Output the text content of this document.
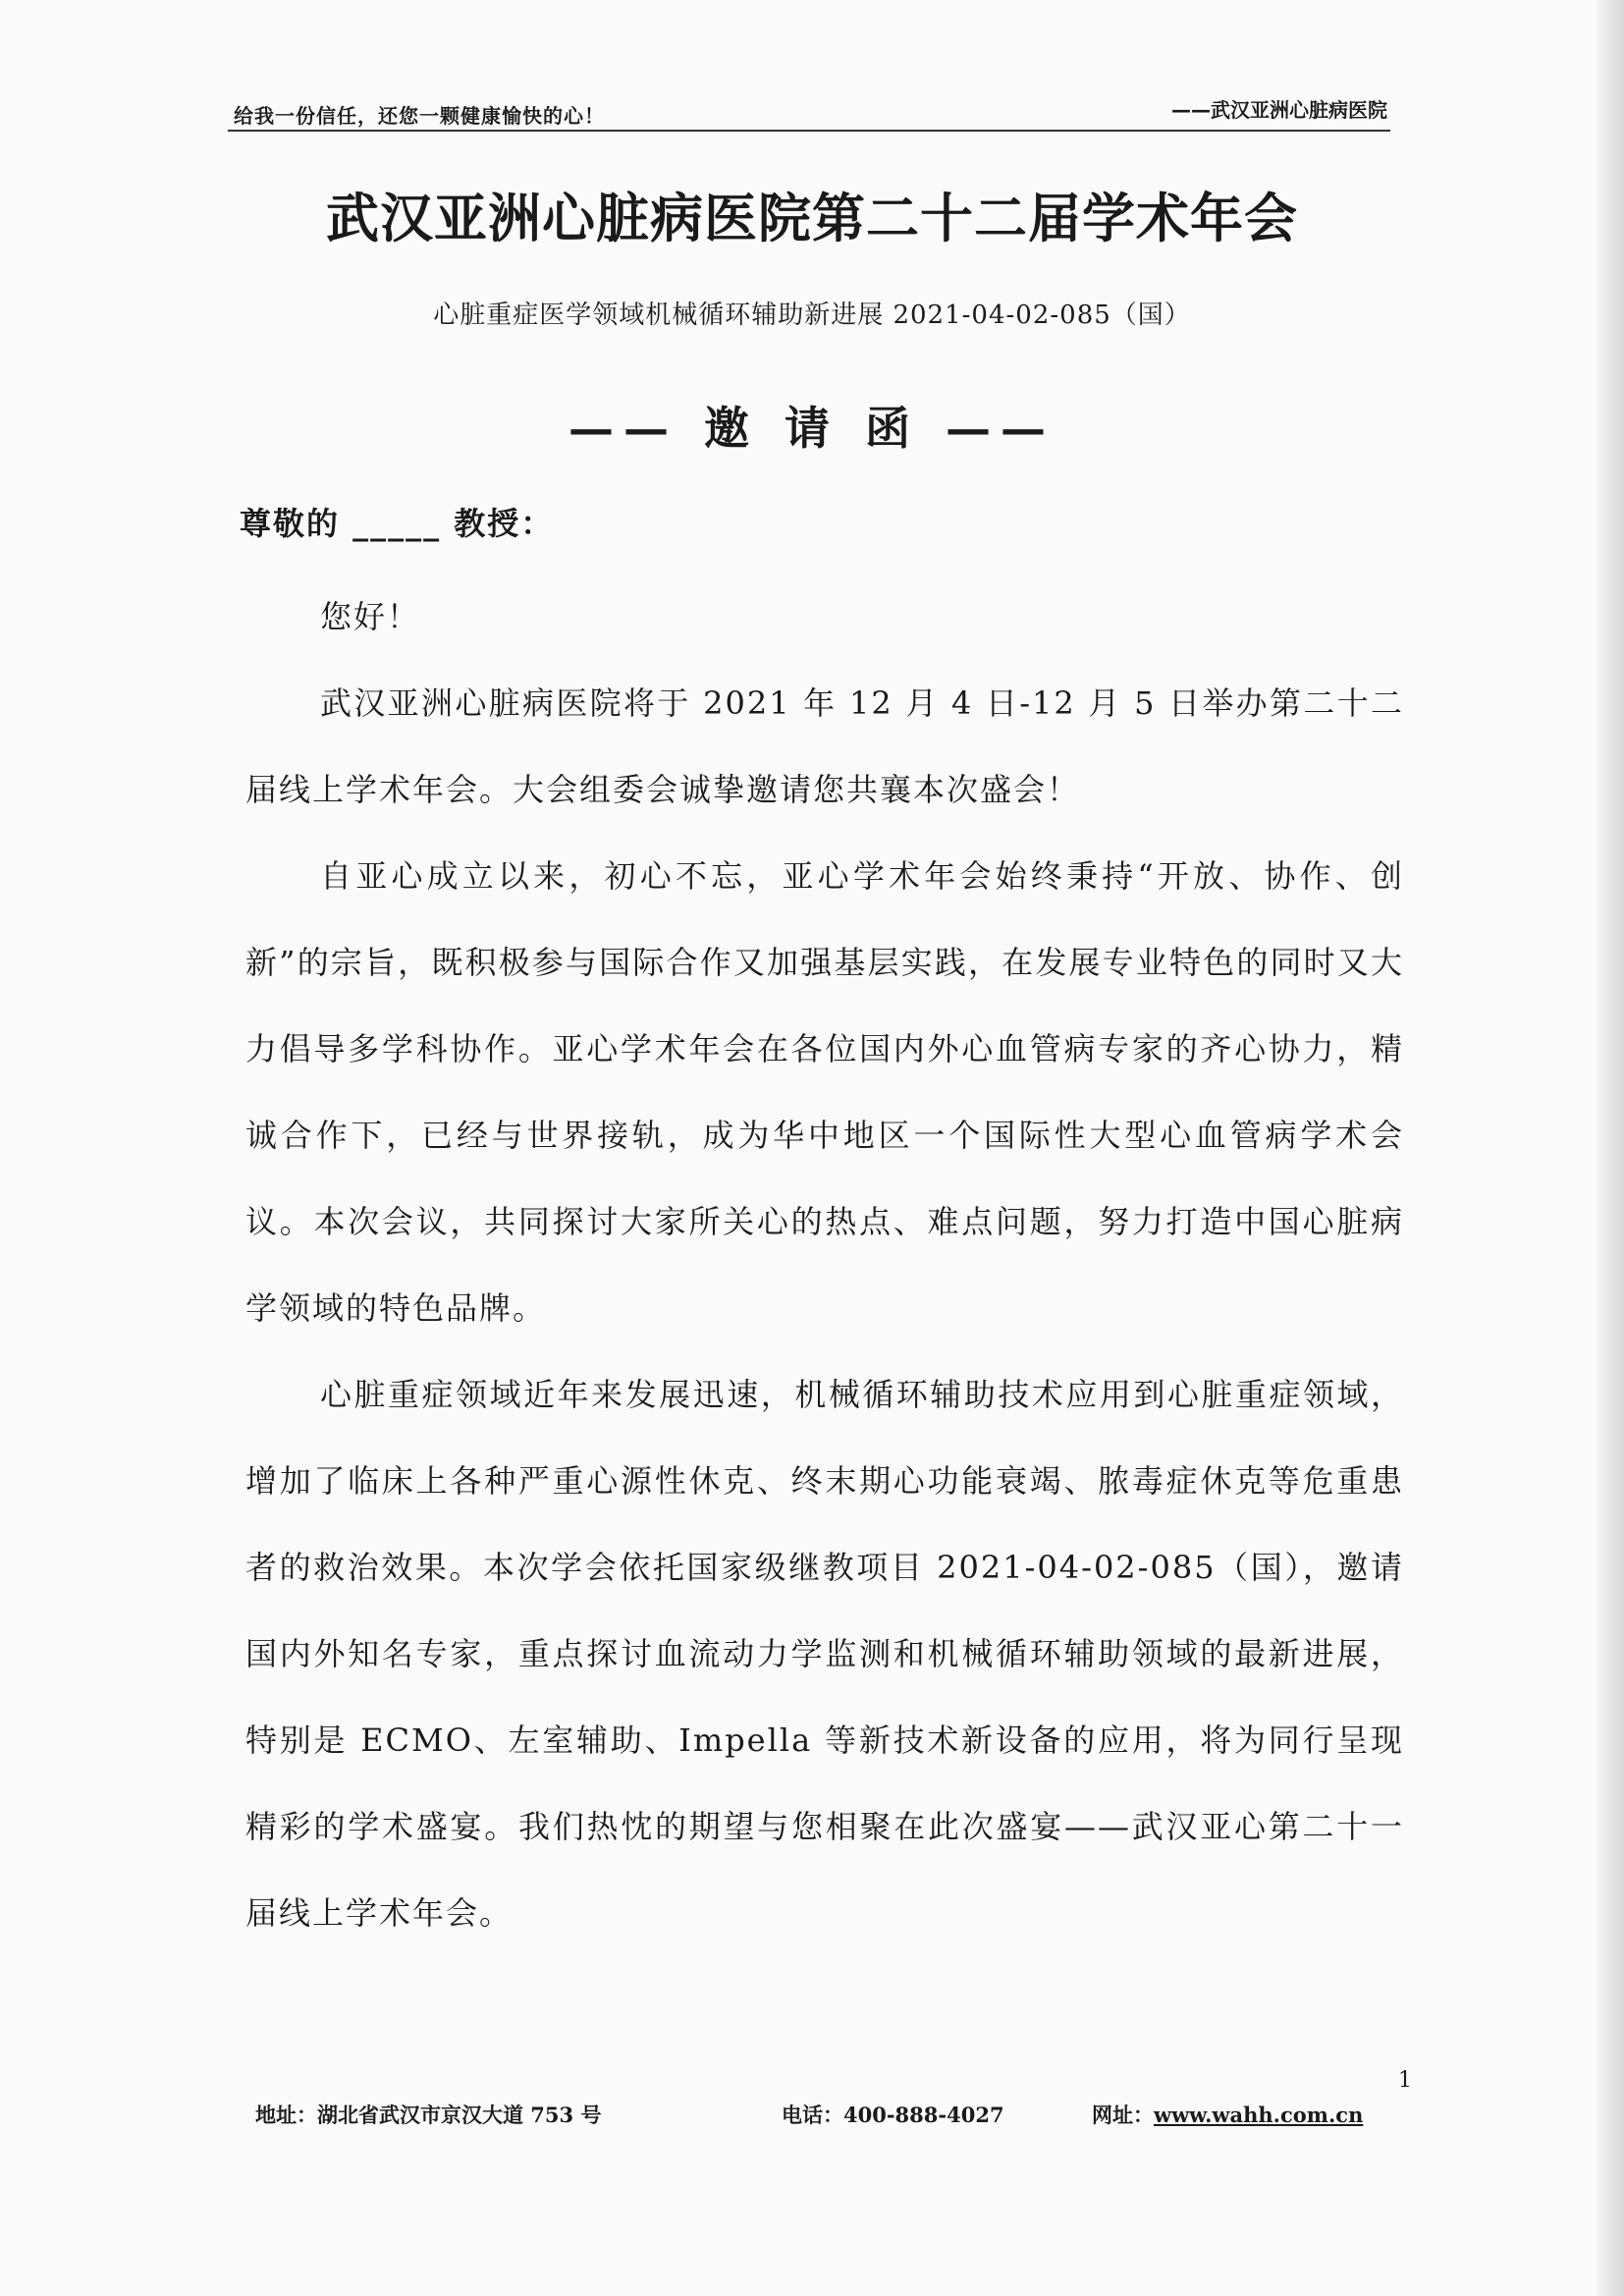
给我一份信任，还您一颗健康愉快的心！	——武汉亚洲心脏病医院
武汉亚洲心脏病医院第二十二届学术年会
心脏重症医学领域机械循环辅助新进展 2021-04-02-085（国）
—— 邀 请 函 ——
尊敬的 _____ 教授：

您好！

武汉亚洲心脏病医院将于 2021 年 12 月 4 日-12 月 5 日举办第二十二届线上学术年会。大会组委会诚挚邀请您共襄本次盛会！

自亚心成立以来，初心不忘，亚心学术年会始终秉持“开放、协作、创新”的宗旨，既积极参与国际合作又加强基层实践，在发展专业特色的同时又大力倡导多学科协作。亚心学术年会在各位国内外心血管病专家的齐心协力，精诚合作下，已经与世界接轨，成为华中地区一个国际性大型心血管病学术会议。本次会议，共同探讨大家所关心的热点、难点问题，努力打造中国心脏病学领域的特色品牌。

心脏重症领域近年来发展迅速，机械循环辅助技术应用到心脏重症领域，增加了临床上各种严重心源性休克、终末期心功能衰竭、脓毒症休克等危重患者的救治效果。本次学会依托国家级继教项目 2021-04-02-085（国），邀请国内外知名专家，重点探讨血流动力学监测和机械循环辅助领域的最新进展，特别是 ECMO、左室辅助、Impella 等新技术新设备的应用，将为同行呈现精彩的学术盛宴。我们热忱的期望与您相聚在此次盛宴——武汉亚心第二十一届线上学术年会。

1
地址：湖北省武汉市京汉大道 753 号	电话：400-888-4027	网址：www.wahh.com.cn
